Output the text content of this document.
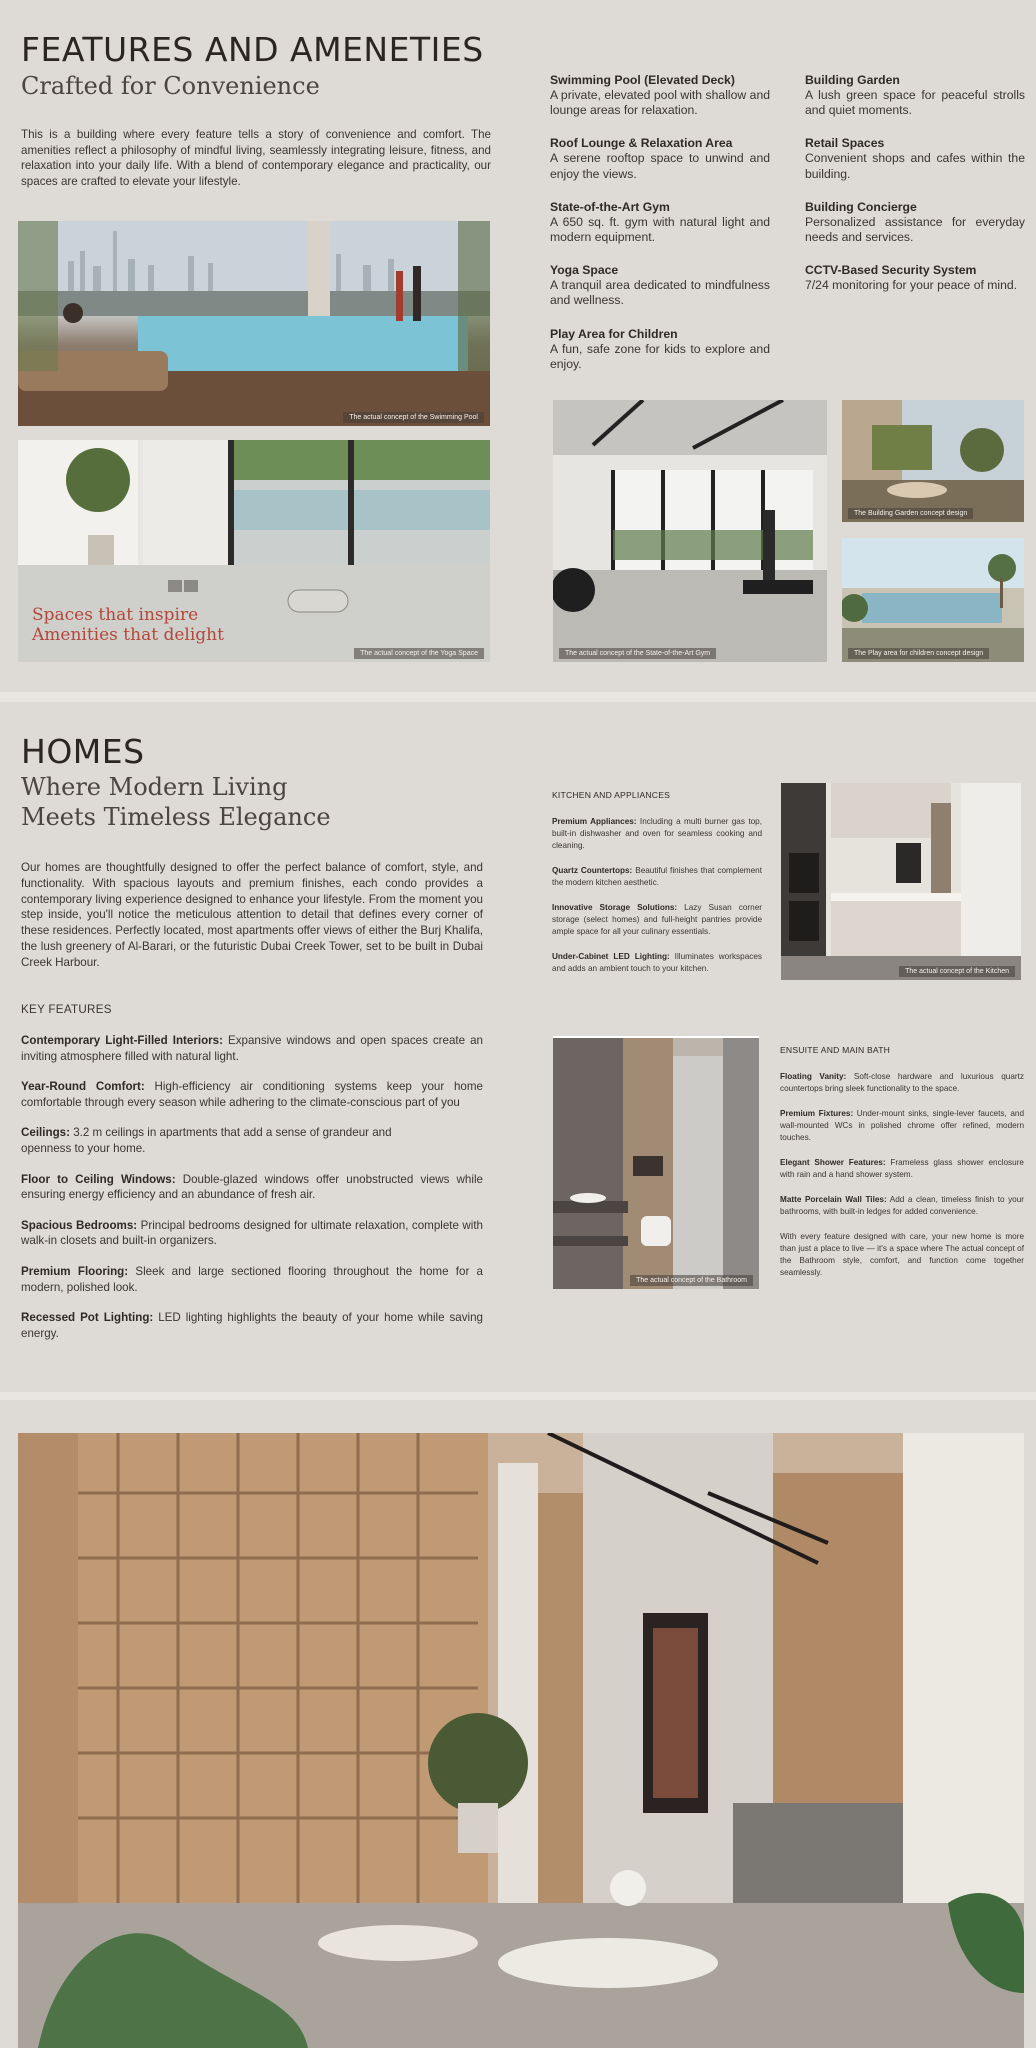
FEATURES AND AMENETIES
Crafted for Convenience
This is a building where every feature tells a story of convenience and comfort. The amenities reflect a philosophy of mindful living, seamlessly integrating leisure, fitness, and relaxation into your daily life. With a blend of contemporary elegance and practicality, our spaces are crafted to elevate your lifestyle.
Swimming Pool (Elevated Deck)
A private, elevated pool with shallow and lounge areas for relaxation.
Roof Lounge & Relaxation Area
A serene rooftop space to unwind and enjoy the views.
State-of-the-Art Gym
A 650 sq. ft. gym with natural light and modern equipment.
Yoga Space
A tranquil area dedicated to mindfulness and wellness.
Play Area for Children
A fun, safe zone for kids to explore and enjoy.
Building Garden
A lush green space for peaceful strolls and quiet moments.
Retail Spaces
Convenient shops and cafes within the building.
Building Concierge
Personalized assistance for everyday needs and services.
CCTV-Based Security System
7/24 monitoring for your peace of mind.
The actual concept of the Swimming Pool
Spaces that inspire
Amenities that delight
The actual concept of the Yoga Space	The actual concept of the State-of-the-Art Gym
The Building Garden concept design
The Play area for children concept design
HOMES
Where Modern Living
Meets Timeless Elegance
Our homes are thoughtfully designed to offer the perfect balance of comfort, style, and functionality. With spacious layouts and premium finishes, each condo provides a contemporary living experience designed to enhance your lifestyle. From the moment you step inside, you'll notice the meticulous attention to detail that defines every corner of these residences. Perfectly located, most apartments offer views of either the Burj Khalifa, the lush greenery of Al-Barari, or the futuristic Dubai Creek Tower, set to be built in Dubai Creek Harbour.
KEY FEATURES
Contemporary Light-Filled Interiors: Expansive windows and open spaces create an inviting atmosphere filled with natural light.
Year-Round Comfort: High-efficiency air conditioning systems keep your home comfortable through every season while adhering to the climate-conscious part of you
Ceilings: 3.2 m ceilings in apartments that add a sense of grandeur and openness to your home.
Floor to Ceiling Windows: Double-glazed windows offer unobstructed views while ensuring energy efficiency and an abundance of fresh air.
Spacious Bedrooms: Principal bedrooms designed for ultimate relaxation, complete with walk-in closets and built-in organizers.
Premium Flooring: Sleek and large sectioned flooring throughout the home for a modern, polished look.
Recessed Pot Lighting: LED lighting highlights the beauty of your home while saving energy.
KITCHEN AND APPLIANCES
Premium Appliances: Including a multi burner gas top, built-in dishwasher and oven for seamless cooking and cleaning.
Quartz Countertops: Beautiful finishes that complement the modern kitchen aesthetic.
Innovative Storage Solutions: Lazy Susan corner storage (select homes) and full-height pantries provide ample space for all your culinary essentials.
Under-Cabinet LED Lighting: Illuminates workspaces and adds an ambient touch to your kitchen.	The actual concept of the Kitchen
The actual concept of the Bathroom
ENSUITE AND MAIN BATH
Floating Vanity: Soft-close hardware and luxurious quartz countertops bring sleek functionality to the space.
Premium Fixtures: Under-mount sinks, single-lever faucets, and wall-mounted WCs in polished chrome offer refined, modern touches.
Elegant Shower Features: Frameless glass shower enclosure with rain and a hand shower system.
Matte Porcelain Wall Tiles: Add a clean, timeless finish to your bathrooms, with built-in ledges for added convenience.
With every feature designed with care, your new home is more than just a place to live — it's a space where The actual concept of the Bathroom style, comfort, and function come together seamlessly.
